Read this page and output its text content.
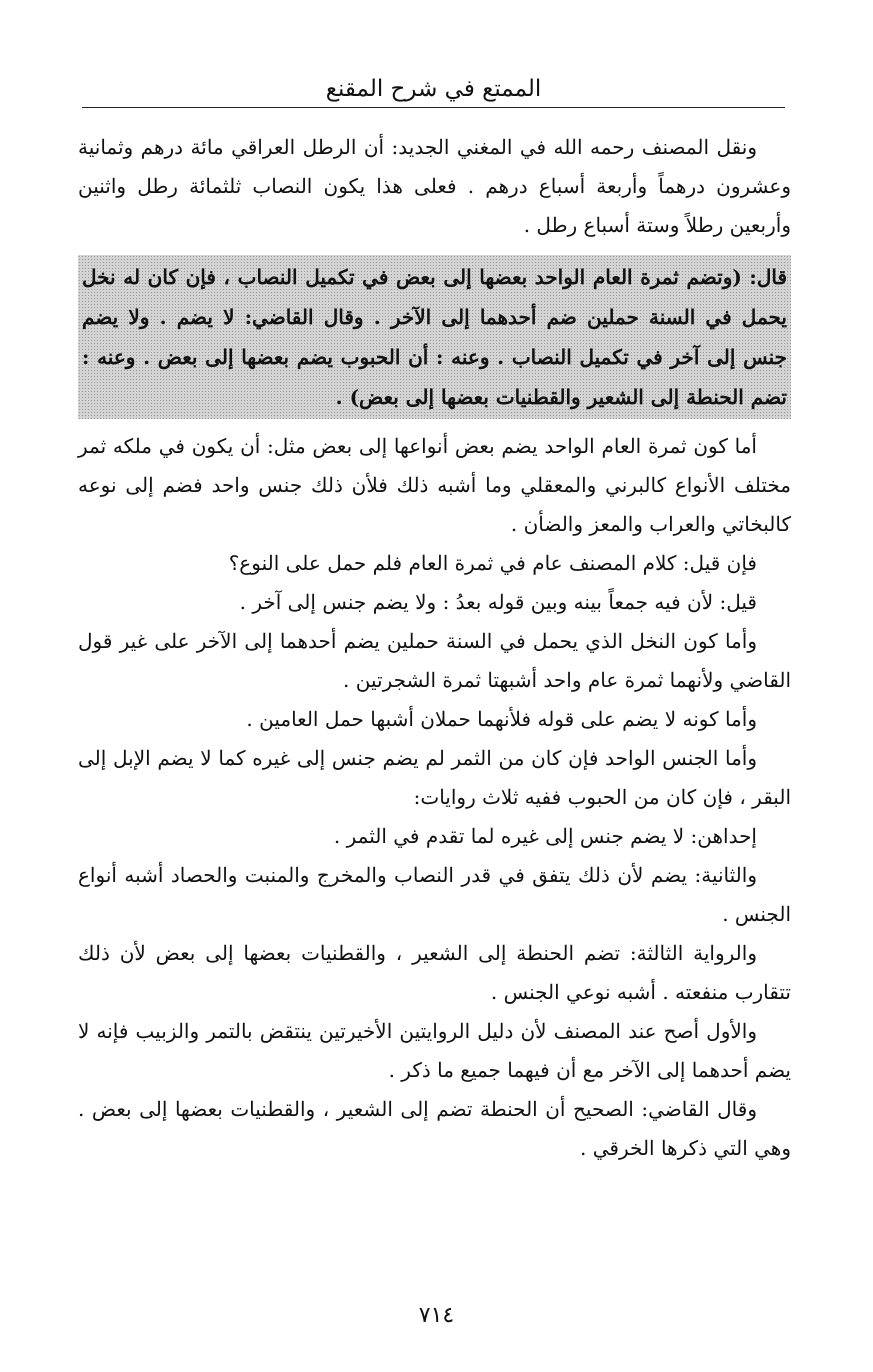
الممتع في شرح المقنع

ونقل المصنف رحمه الله في المغني الجديد: أن الرطل العراقي مائة درهم وثمانية وعشرون درهماً وأربعة أسباع درهم . فعلى هذا يكون النصاب ثلثمائة رطل واثنين وأربعين رطلاً وستة أسباع رطل .

قال: (وتضم ثمرة العام الواحد بعضها إلى بعض في تكميل النصاب ، فإن كان له نخل يحمل في السنة حملين ضم أحدهما إلى الآخر . وقال القاضي: لا يضم . ولا يضم جنس إلى آخر في تكميل النصاب . وعنه : أن الحبوب يضم بعضها إلى بعض . وعنه : تضم الحنطة إلى الشعير والقطنيات بعضها إلى بعض) .

أما كون ثمرة العام الواحد يضم بعض أنواعها إلى بعض مثل: أن يكون في ملكه ثمر مختلف الأنواع كالبرني والمعقلي وما أشبه ذلك فلأن ذلك جنس واحد فضم إلى نوعه كالبخاتي والعراب والمعز والضأن .

فإن قيل: كلام المصنف عام في ثمرة العام فلم حمل على النوع؟

قيل: لأن فيه جمعاً بينه وبين قوله بعدُ : ولا يضم جنس إلى آخر .

وأما كون النخل الذي يحمل في السنة حملين يضم أحدهما إلى الآخر على غير قول القاضي ولأنهما ثمرة عام واحد أشبهتا ثمرة الشجرتين .

وأما كونه لا يضم على قوله فلأنهما حملان أشبها حمل العامين .

وأما الجنس الواحد فإن كان من الثمر لم يضم جنس إلى غيره كما لا يضم الإبل إلى البقر ، فإن كان من الحبوب ففيه ثلاث روايات:

إحداهن: لا يضم جنس إلى غيره لما تقدم في الثمر .

والثانية: يضم لأن ذلك يتفق في قدر النصاب والمخرج والمنبت والحصاد أشبه أنواع الجنس .

والرواية الثالثة: تضم الحنطة إلى الشعير ، والقطنيات بعضها إلى بعض لأن ذلك تتقارب منفعته . أشبه نوعي الجنس .

والأول أصح عند المصنف لأن دليل الروايتين الأخيرتين ينتقض بالتمر والزبيب فإنه لا يضم أحدهما إلى الآخر مع أن فيهما جميع ما ذكر .

وقال القاضي: الصحيح أن الحنطة تضم إلى الشعير ، والقطنيات بعضها إلى بعض . وهي التي ذكرها الخرقي .

٧١٤
